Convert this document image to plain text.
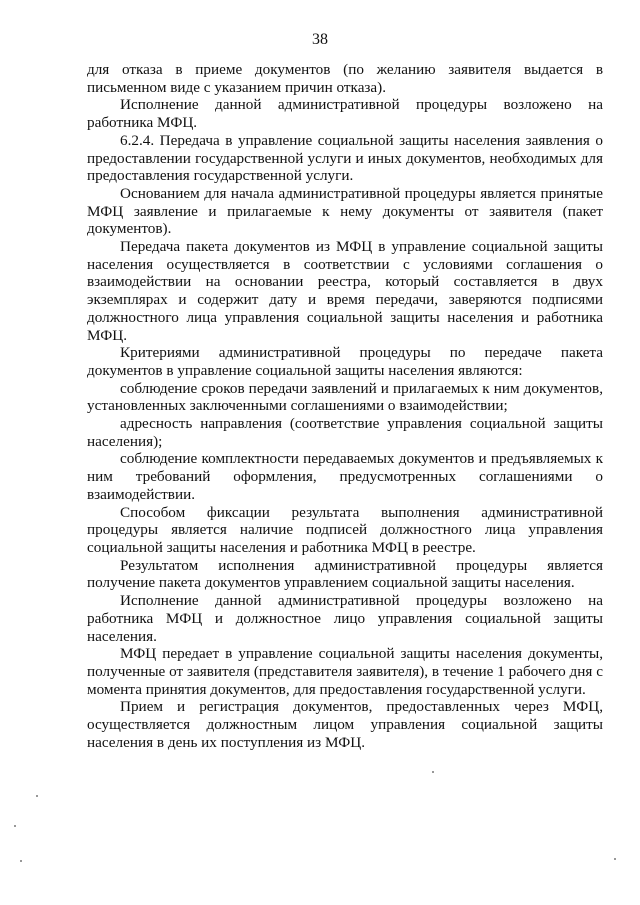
38

для отказа в приеме документов (по желанию заявителя выдается в письменном виде с указанием причин отказа).

Исполнение данной административной процедуры возложено на работника МФЦ.

6.2.4. Передача в управление социальной защиты населения заявления о предоставлении государственной услуги и иных документов, необходимых для предоставления государственной услуги.

Основанием для начала административной процедуры является принятые МФЦ заявление и прилагаемые к нему документы от заявителя (пакет документов).

Передача пакета документов из МФЦ в управление социальной защиты населения осуществляется в соответствии с условиями соглашения о взаимодействии на основании реестра, который составляется в двух экземплярах и содержит дату и время передачи, заверяются подписями должностного лица управления социальной защиты населения и работника МФЦ.

Критериями административной процедуры по передаче пакета документов в управление социальной защиты населения являются:

соблюдение сроков передачи заявлений и прилагаемых к ним документов, установленных заключенными соглашениями о взаимодействии;

адресность направления (соответствие управления социальной защиты населения);

соблюдение комплектности передаваемых документов и предъявляемых к ним требований оформления, предусмотренных соглашениями о взаимодействии.

Способом фиксации результата выполнения административной процедуры является наличие подписей должностного лица управления социальной защиты населения и работника МФЦ в реестре.

Результатом исполнения административной процедуры является получение пакета документов управлением социальной защиты населения.

Исполнение данной административной процедуры возложено на работника МФЦ и должностное лицо управления социальной защиты населения.

МФЦ передает в управление социальной защиты населения документы, полученные от заявителя (представителя заявителя), в течение 1 рабочего дня с момента принятия документов, для предоставления государственной услуги.

Прием и регистрация документов, предоставленных через МФЦ, осуществляется должностным лицом управления социальной защиты населения в день их поступления из МФЦ.
